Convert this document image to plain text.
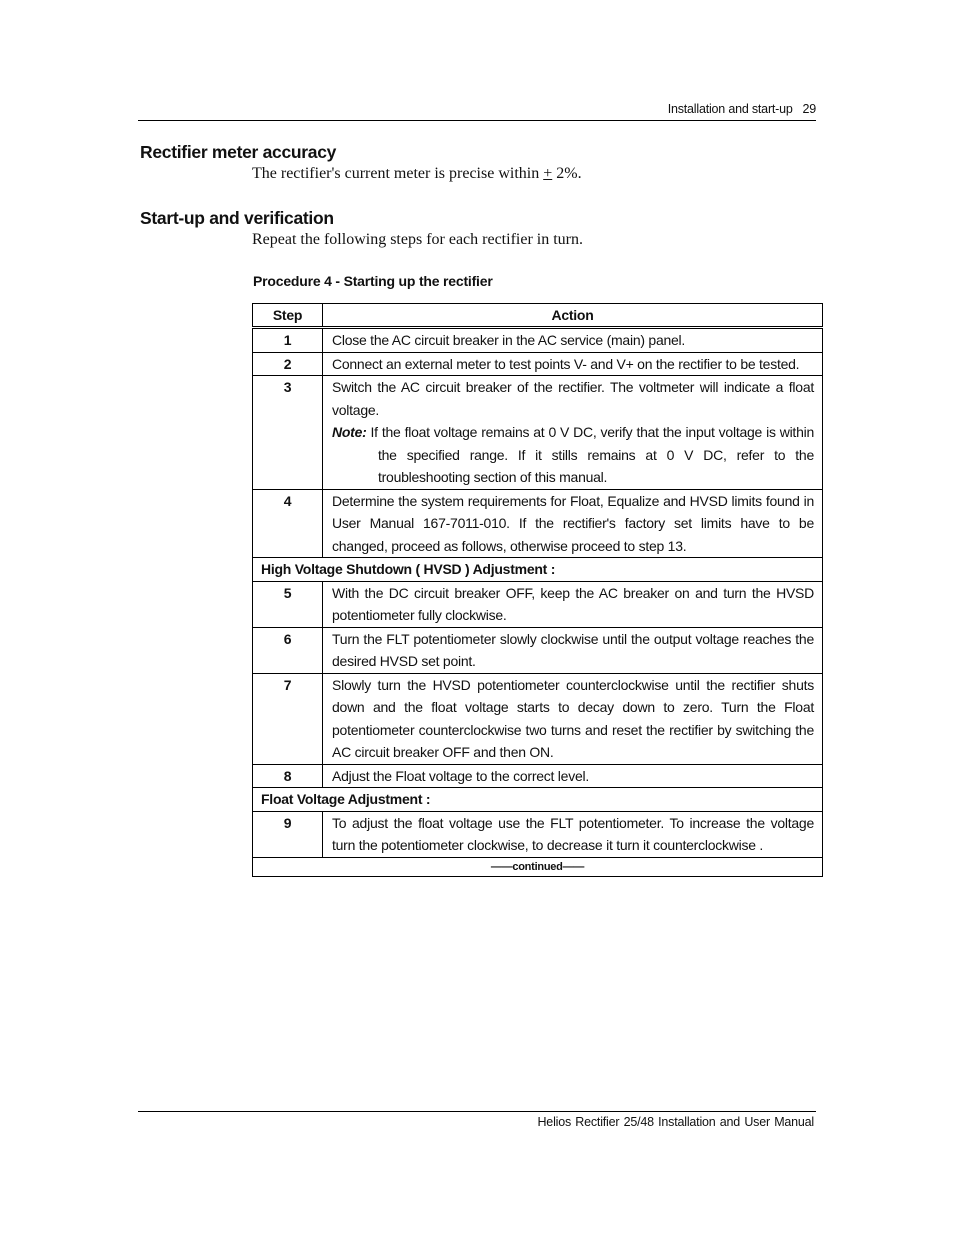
Installation and start-up 29
Rectifier meter accuracy
The rectifier's current meter is precise within + 2%.
Start-up and verification
Repeat the following steps for each rectifier in turn.
Procedure 4 - Starting up the rectifier
Step	Action
1	Close the AC circuit breaker in the AC service (main) panel.
2	Connect an external meter to test points V- and V+ on the rectifier to be tested.
3	Switch the AC circuit breaker of the rectifier. The voltmeter will indicate a float voltage.
Note: If the float voltage remains at 0 V DC, verify that the input voltage is within the specified range. If it stills remains at 0 V DC, refer to the troubleshooting section of this manual.

4	Determine the system requirements for Float, Equalize and HVSD limits found in User Manual 167-7011-010. If the rectifier's factory set limits have to be changed, proceed as follows, otherwise proceed to step 13.
High Voltage Shutdown ( HVSD ) Adjustment :	
5	With the DC circuit breaker OFF, keep the AC breaker on and turn the HVSD potentiometer fully clockwise.
6	Turn the FLT potentiometer slowly clockwise until the output voltage reaches the desired HVSD set point.
7	Slowly turn the HVSD potentiometer counterclockwise until the rectifier shuts down and the float voltage starts to decay down to zero. Turn the Float potentiometer counterclockwise two turns and reset the rectifier by switching the AC circuit breaker OFF and then ON.
8	Adjust the Float voltage to the correct level.
Float Voltage Adjustment :	
9	To adjust the float voltage use the FLT potentiometer. To increase the voltage turn the potentiometer clockwise, to decrease it turn it counterclockwise .
——continued——	
Helios Rectifier 25/48 Installation and User Manual
